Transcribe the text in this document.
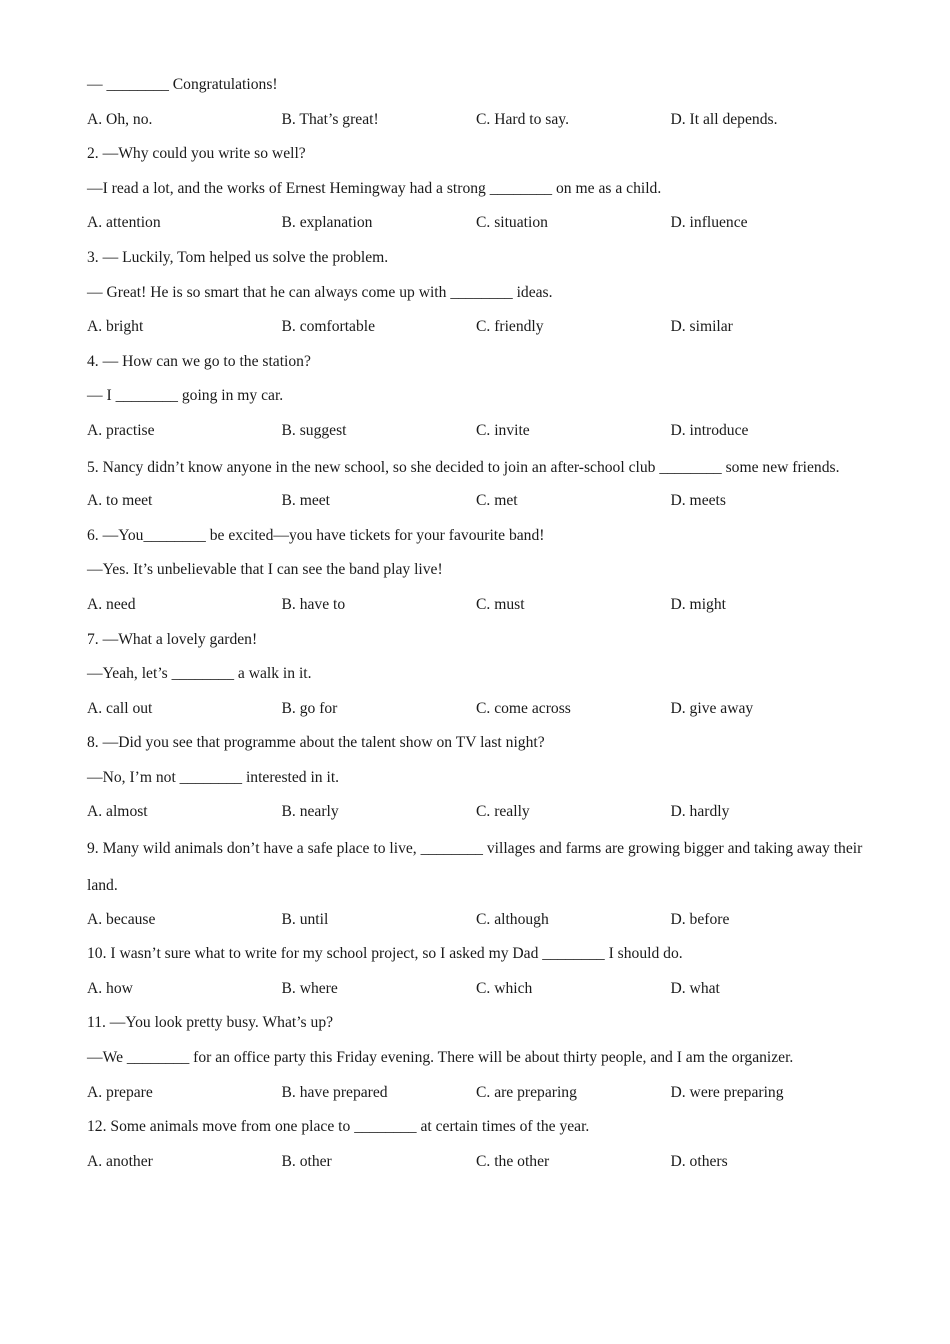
— ________ Congratulations!
A. Oh, no.	B. That’s great!	C. Hard to say.	D. It all depends.
2. —Why could you write so well?
—I read a lot, and the works of Ernest Hemingway had a strong ________ on me as a child.
A. attention	B. explanation	C. situation	D. influence
3. — Luckily, Tom helped us solve the problem.
— Great! He is so smart that he can always come up with ________ ideas.
A. bright	B. comfortable	C. friendly	D. similar
4. — How can we go to the station?
— I ________ going in my car.
A. practise	B. suggest	C. invite	D. introduce
5. Nancy didn’t know anyone in the new school, so she decided to join an after-school club ________ some new friends.
A. to meet	B. meet	C. met	D. meets
6. —You________ be excited—you have tickets for your favourite band!
—Yes. It’s unbelievable that I can see the band play live!
A. need	B. have to	C. must	D. might
7. —What a lovely garden!
—Yeah, let’s ________ a walk in it.
A. call out	B. go for	C. come across	D. give away
8. —Did you see that programme about the talent show on TV last night?
—No, I’m not ________ interested in it.
A. almost	B. nearly	C. really	D. hardly
9. Many wild animals don’t have a safe place to live, ________ villages and farms are growing bigger and taking away their land.
A. because	B. until	C. although	D. before
10. I wasn’t sure what to write for my school project, so I asked my Dad ________ I should do.
A. how	B. where	C. which	D. what
11. —You look pretty busy. What’s up?
—We ________ for an office party this Friday evening. There will be about thirty people, and I am the organizer.
A. prepare	B. have prepared	C. are preparing	D. were preparing
12. Some animals move from one place to ________ at certain times of the year.
A. another	B. other	C. the other	D. others
